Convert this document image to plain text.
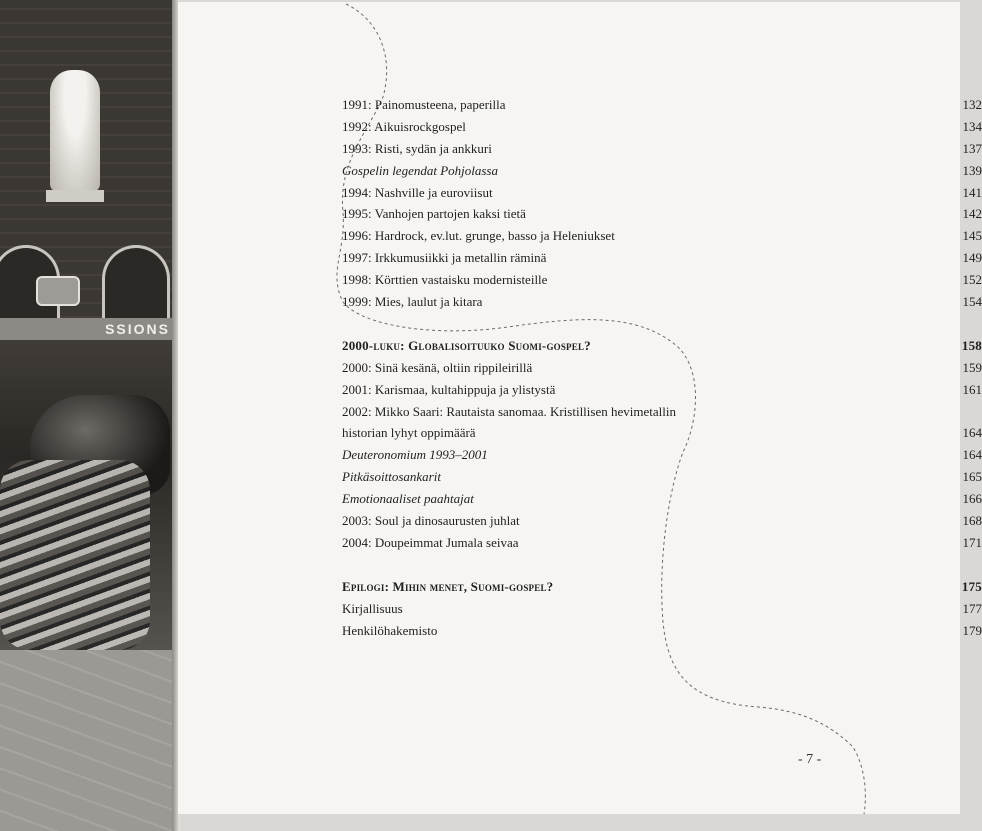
SSIONS
1991: Painomusteena, paperilla	132
1992: Aikuisrockgospel	134
1993: Risti, sydän ja ankkuri	137
Gospelin legendat Pohjolassa	139
1994: Nashville ja euroviisut	141
1995: Vanhojen partojen kaksi tietä	142
1996: Hardrock, ev.lut. grunge, basso ja Heleniukset	145
1997: Irkkumusiikki ja metallin räminä	149
1998: Körttien vastaisku modernisteille	152
1999: Mies, laulut ja kitara	154
2000-luku: Globalisoituuko Suomi-gospel?	158
2000: Sinä kesänä, oltiin rippileirillä	159
2001: Karismaa, kultahippuja ja ylistystä	161
2002: Mikko Saari: Rautaista sanomaa. Kristillisen hevimetallin
historian lyhyt oppimäärä	164
Deuteronomium 1993–2001	164
Pitkäsoittosankarit	165
Emotionaaliset paahtajat	166
2003: Soul ja dinosaurusten juhlat	168
2004: Doupeimmat Jumala seivaa	171
Epilogi: Mihin menet, Suomi-gospel?	175
Kirjallisuus	177
Henkilöhakemisto	179
- 7 -
